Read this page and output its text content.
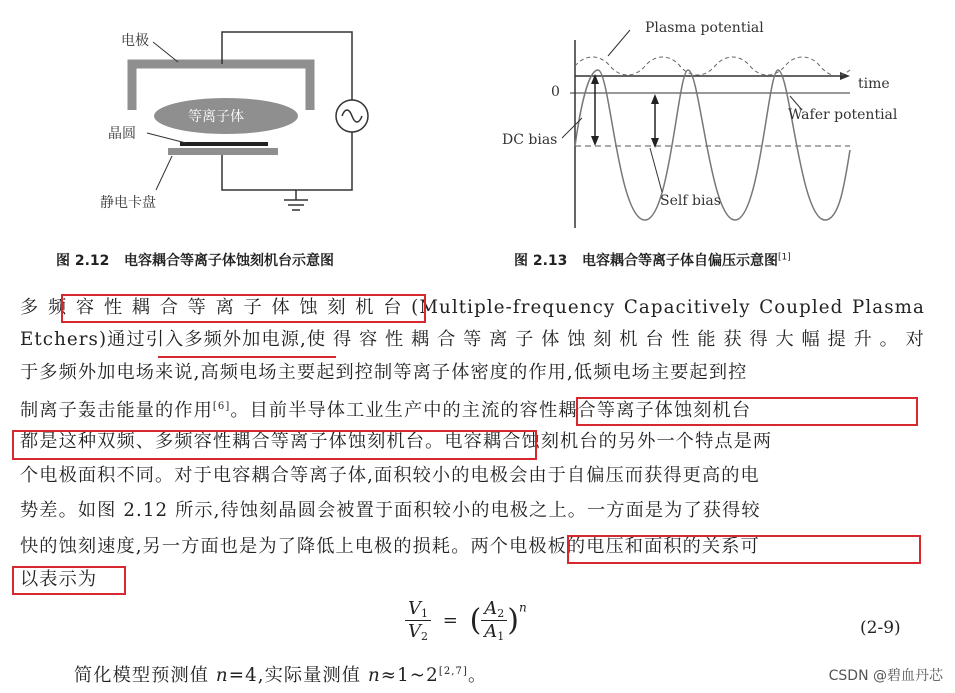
电极
等离子体
晶圆
静电卡盘
Plasma potential
time
0
DC bias
Wafer potential
Self bias
图 2.12 电容耦合等离子体蚀刻机台示意图	图 2.13 电容耦合等离子体自偏压示意图[1]
多 频 容 性 耦 合 等 离 子 体 蚀 刻 机 台 (Multiple-frequency Capacitively Coupled Plasma
Etchers)通过引入多频外加电源,使 得 容 性 耦 合 等 离 子 体 蚀 刻 机 台 性 能 获 得 大 幅 提 升 。 对
于多频外加电场来说,高频电场主要起到控制等离子体密度的作用,低频电场主要起到控
制离子轰击能量的作用[6]。目前半导体工业生产中的主流的容性耦合等离子体蚀刻机台
都是这种双频、多频容性耦合等离子体蚀刻机台。电容耦合蚀刻机台的另外一个特点是两
个电极面积不同。对于电容耦合等离子体,面积较小的电极会由于自偏压而获得更高的电
势差。如图 2.12 所示,待蚀刻晶圆会被置于面积较小的电极之上。一方面是为了获得较
快的蚀刻速度,另一方面也是为了降低上电极的损耗。两个电极板的电压和面积的关系可
以表示为
$\frac{V_1}{V_2}$ = ( $\frac{A_2}{A_1} )^n$
(2-9)
简化模型预测值 n=4,实际量测值 n≈1~2[2,7]。	CSDN @碧血丹芯
